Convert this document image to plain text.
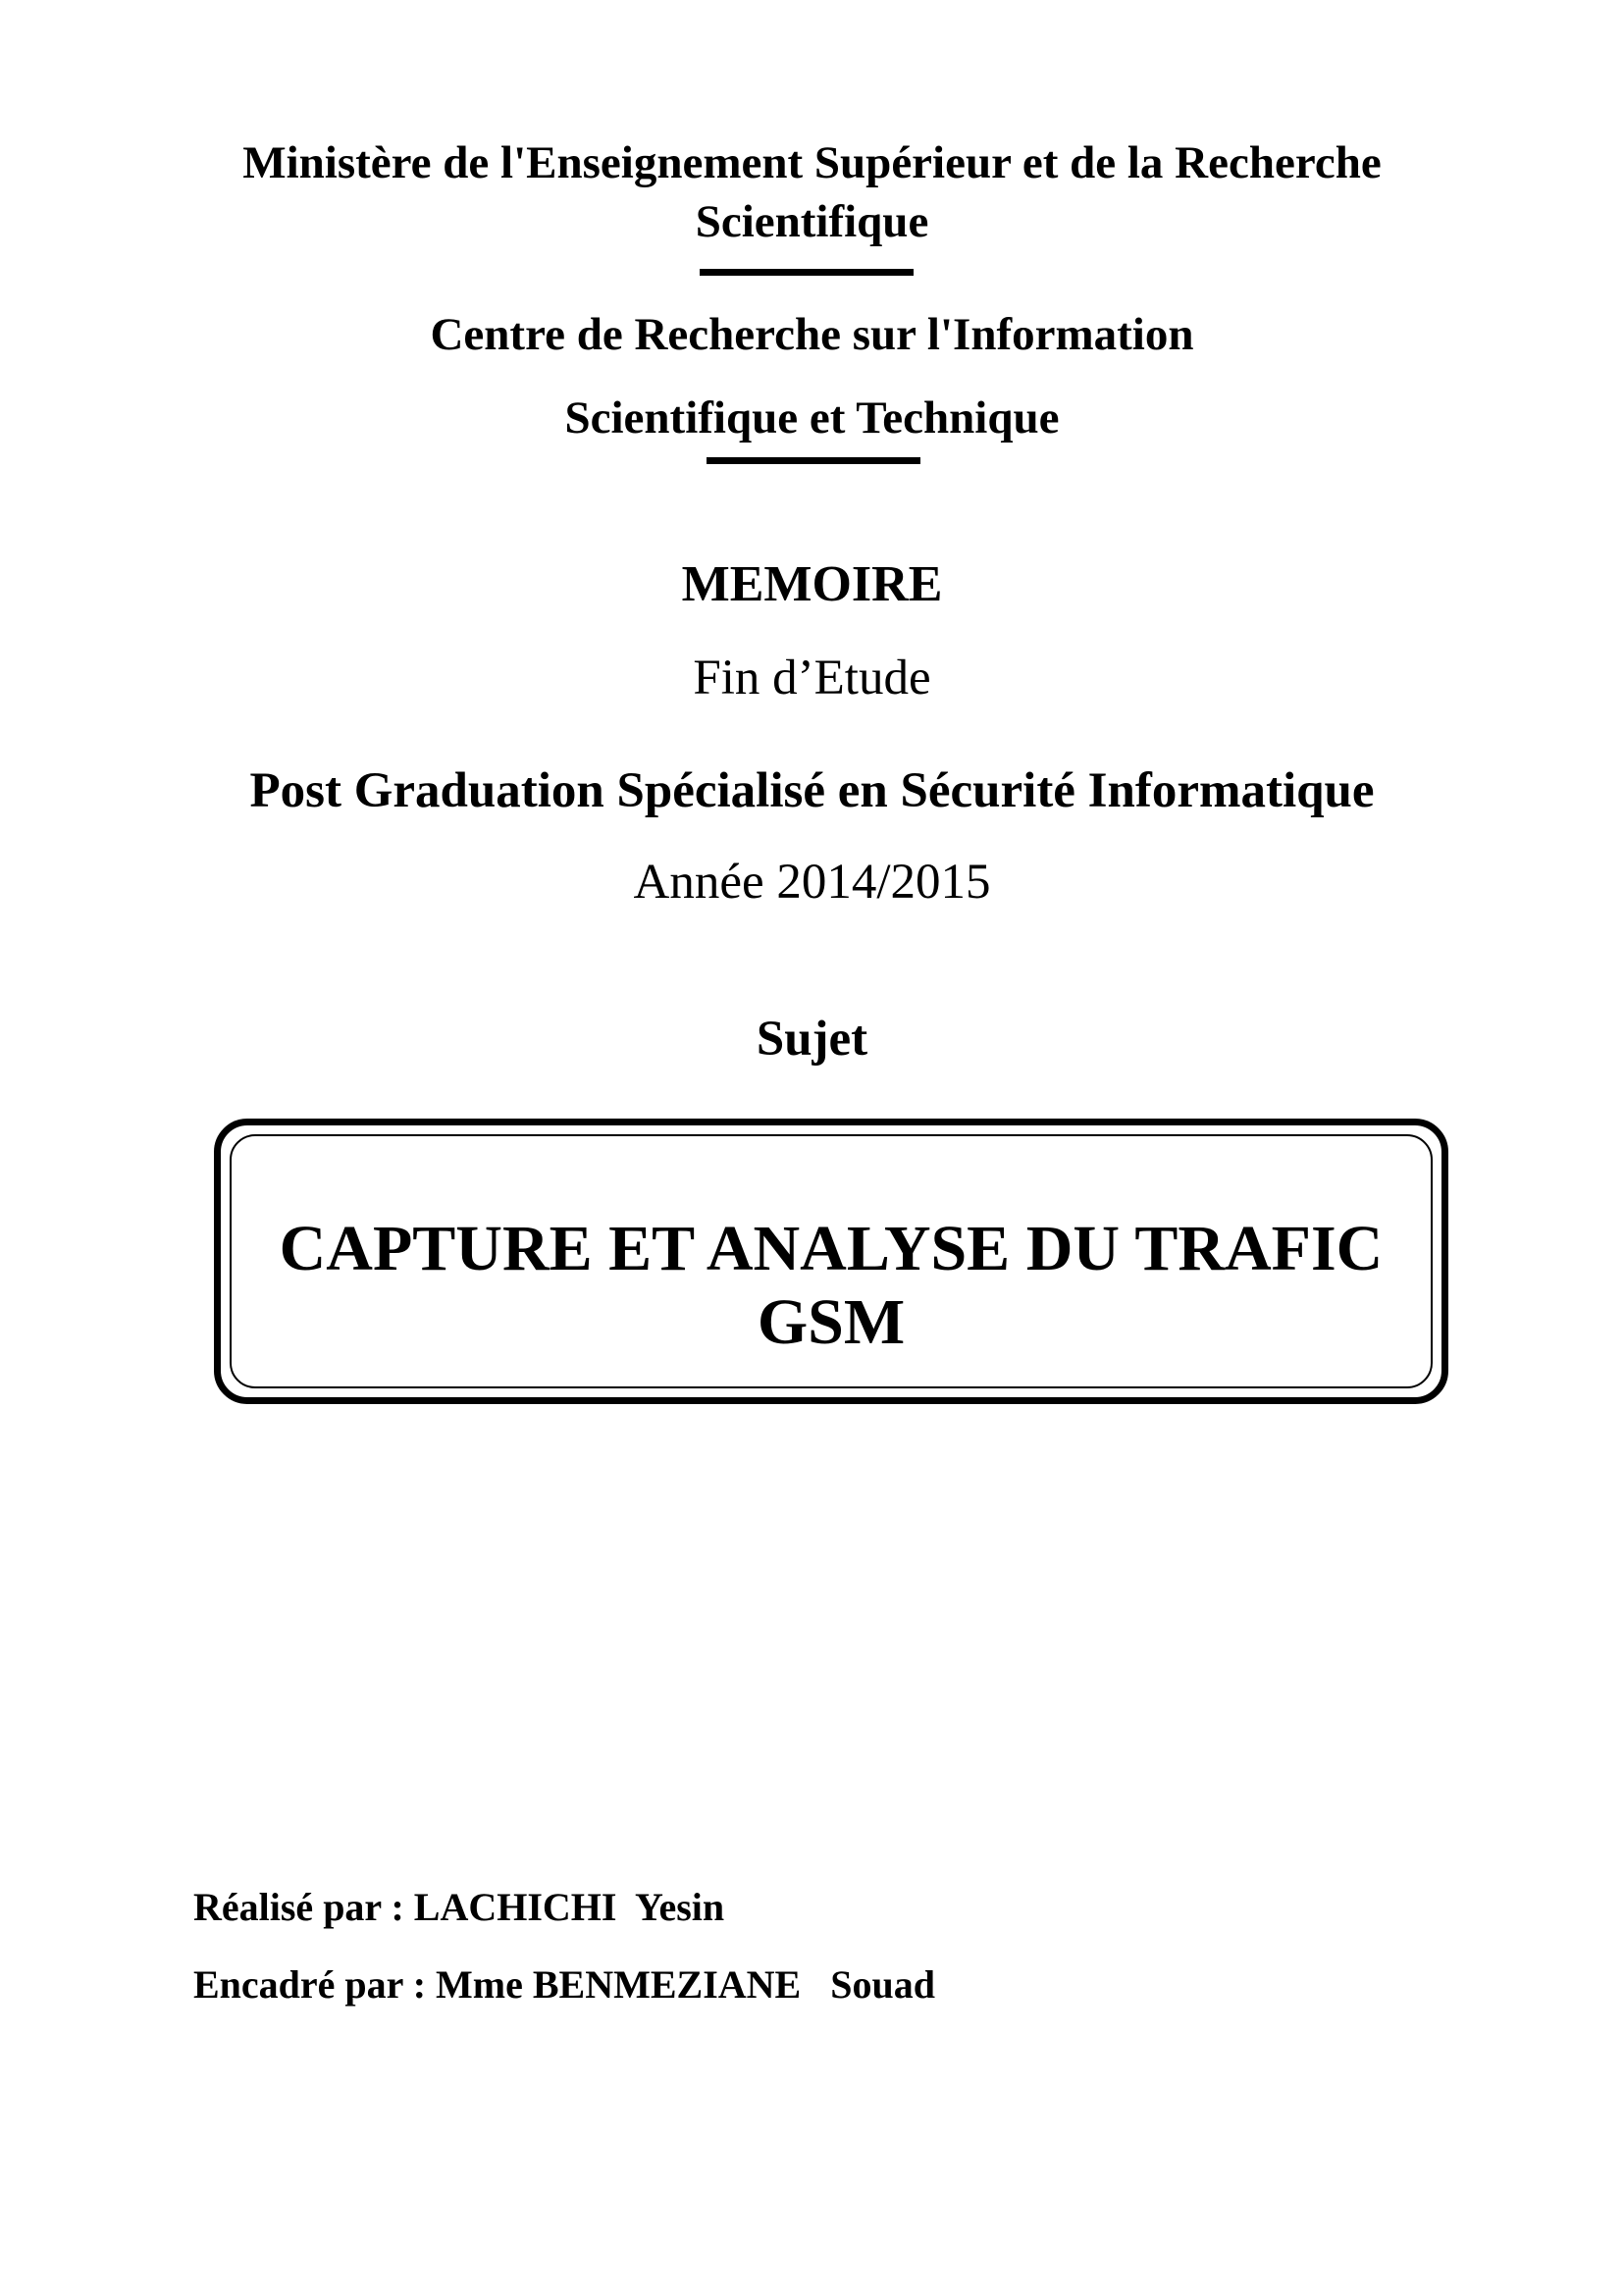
Ministère de l'Enseignement Supérieur et de la Recherche
Scientifique
Centre de Recherche sur l'Information
Scientifique et Technique
MEMOIRE
Fin d’Etude
Post Graduation Spécialisé en Sécurité Informatique
Année 2014/2015
Sujet
CAPTURE ET ANALYSE DU TRAFIC
GSM
Réalisé par : LACHICHI  Yesin
Encadré par : Mme BENMEZIANE   Souad
